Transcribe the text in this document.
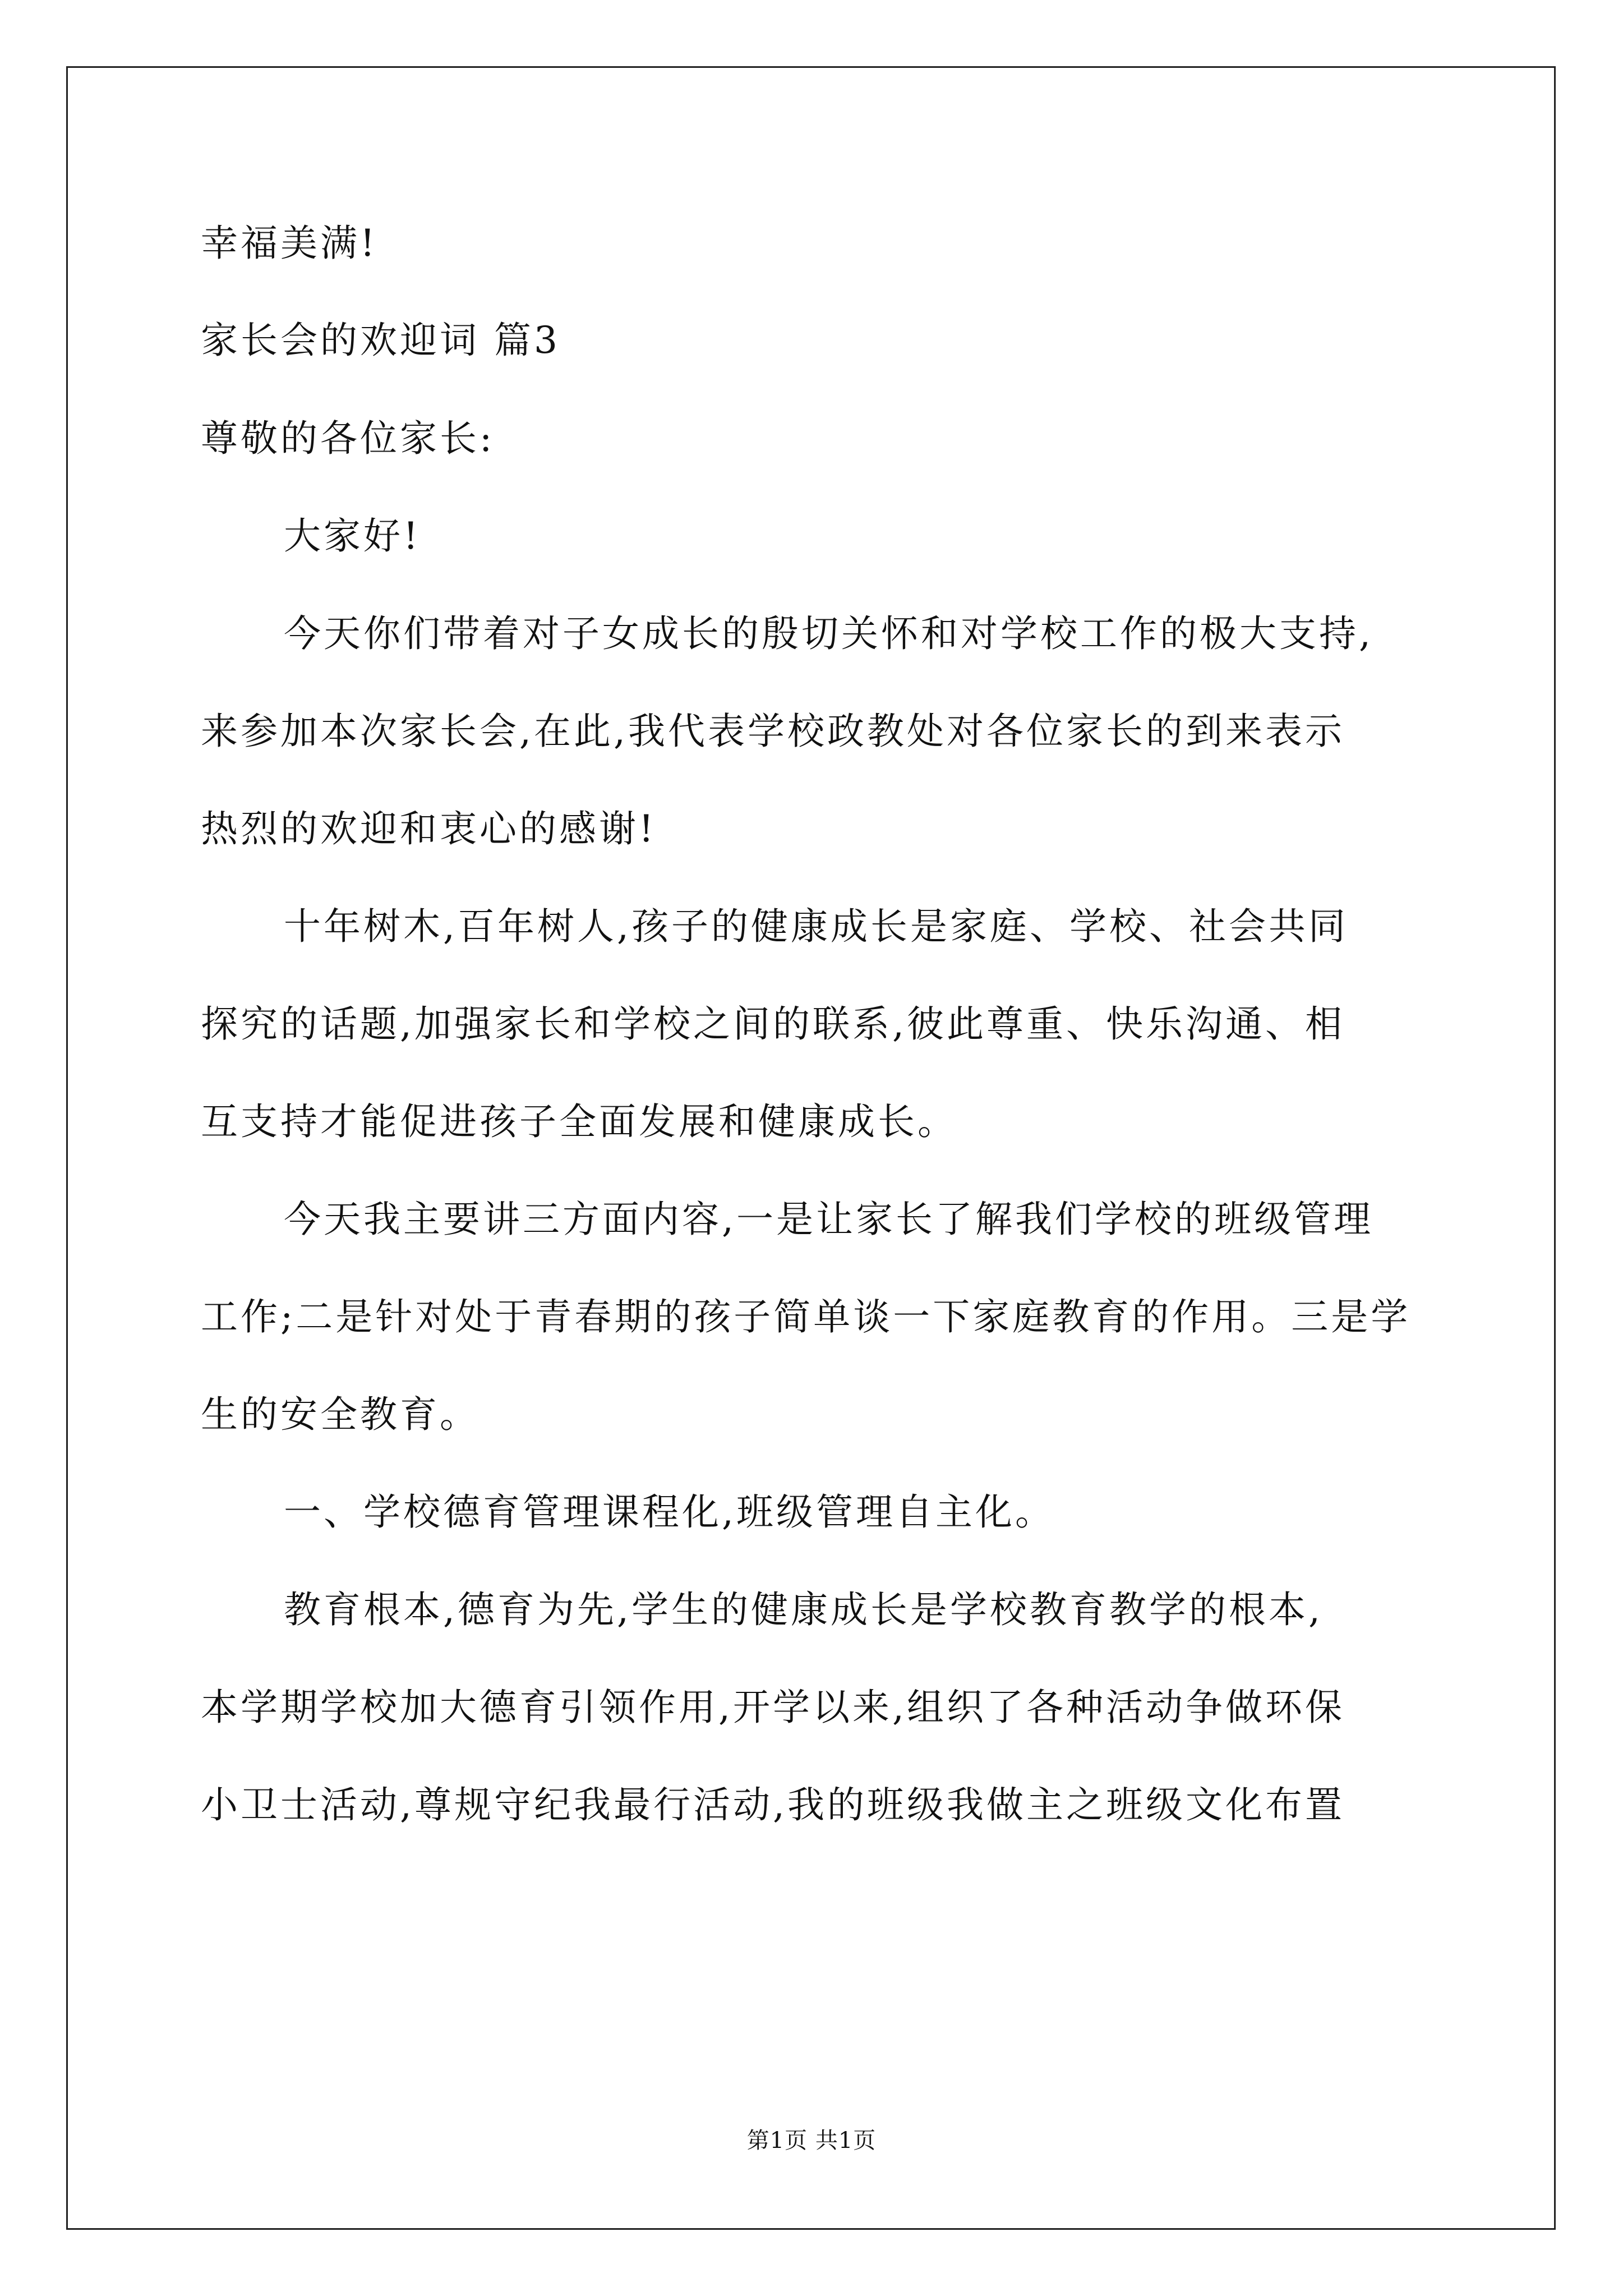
幸福美满!
家长会的欢迎词 篇3
尊敬的各位家长:
大家好!
今天你们带着对子女成长的殷切关怀和对学校工作的极大支持,
来参加本次家长会,在此,我代表学校政教处对各位家长的到来表示
热烈的欢迎和衷心的感谢!
十年树木,百年树人,孩子的健康成长是家庭、学校、社会共同
探究的话题,加强家长和学校之间的联系,彼此尊重、快乐沟通、相
互支持才能促进孩子全面发展和健康成长。
今天我主要讲三方面内容,一是让家长了解我们学校的班级管理
工作;二是针对处于青春期的孩子简单谈一下家庭教育的作用。三是学
生的安全教育。
一、学校德育管理课程化,班级管理自主化。
教育根本,德育为先,学生的健康成长是学校教育教学的根本,
本学期学校加大德育引领作用,开学以来,组织了各种活动争做环保
小卫士活动,尊规守纪我最行活动,我的班级我做主之班级文化布置
第1页 共1页
